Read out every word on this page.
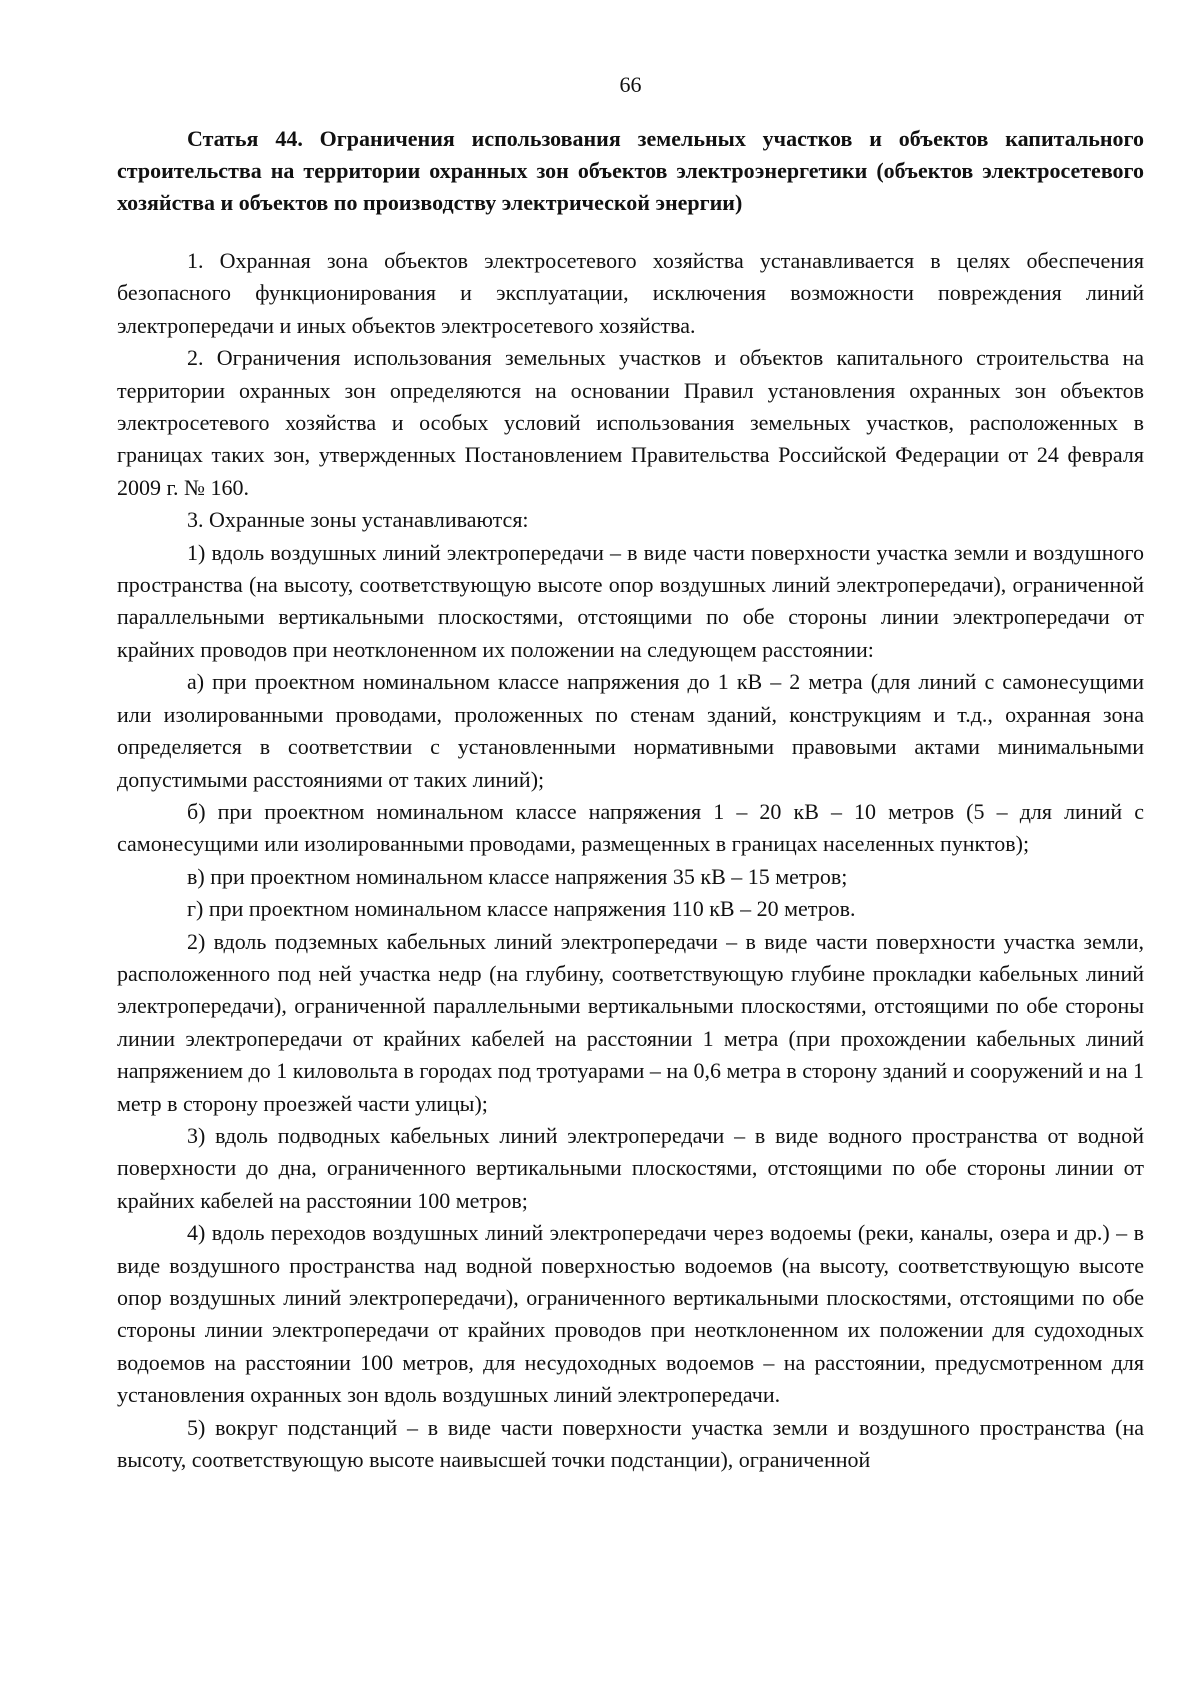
66
Статья 44. Ограничения использования земельных участков и объектов капитального строительства на территории охранных зон объектов электроэнергетики (объектов электросетевого хозяйства и объектов по производству электрической энергии)

1. Охранная зона объектов электросетевого хозяйства устанавливается в целях обеспечения безопасного функционирования и эксплуатации, исключения возможности повреждения линий электропередачи и иных объектов электросетевого хозяйства.

2. Ограничения использования земельных участков и объектов капитального строительства на территории охранных зон определяются на основании Правил установления охранных зон объектов электросетевого хозяйства и особых условий использования земельных участков, расположенных в границах таких зон, утвержденных Постановлением Правительства Российской Федерации от 24 февраля 2009 г. № 160.

3. Охранные зоны устанавливаются:

1) вдоль воздушных линий электропередачи – в виде части поверхности участка земли и воздушного пространства (на высоту, соответствующую высоте опор воздушных линий электропередачи), ограниченной параллельными вертикальными плоскостями, отстоящими по обе стороны линии электропередачи от крайних проводов при неотклоненном их положении на следующем расстоянии:

а) при проектном номинальном классе напряжения до 1 кВ – 2 метра (для линий с самонесущими или изолированными проводами, проложенных по стенам зданий, конструкциям и т.д., охранная зона определяется в соответствии с установленными нормативными правовыми актами минимальными допустимыми расстояниями от таких линий);

б) при проектном номинальном классе напряжения 1 – 20 кВ – 10 метров (5 – для линий с самонесущими или изолированными проводами, размещенных в границах населенных пунктов);

в) при проектном номинальном классе напряжения 35 кВ – 15 метров;

г) при проектном номинальном классе напряжения 110 кВ – 20 метров.

2) вдоль подземных кабельных линий электропередачи – в виде части поверхности участка земли, расположенного под ней участка недр (на глубину, соответствующую глубине прокладки кабельных линий электропередачи), ограниченной параллельными вертикальными плоскостями, отстоящими по обе стороны линии электропередачи от крайних кабелей на расстоянии 1 метра (при прохождении кабельных линий напряжением до 1 киловольта в городах под тротуарами – на 0,6 метра в сторону зданий и сооружений и на 1 метр в сторону проезжей части улицы);

3) вдоль подводных кабельных линий электропередачи – в виде водного пространства от водной поверхности до дна, ограниченного вертикальными плоскостями, отстоящими по обе стороны линии от крайних кабелей на расстоянии 100 метров;

4) вдоль переходов воздушных линий электропередачи через водоемы (реки, каналы, озера и др.) – в виде воздушного пространства над водной поверхностью водоемов (на высоту, соответствующую высоте опор воздушных линий электропередачи), ограниченного вертикальными плоскостями, отстоящими по обе стороны линии электропередачи от крайних проводов при неотклоненном их положении для судоходных водоемов на расстоянии 100 метров, для несудоходных водоемов – на расстоянии, предусмотренном для установления охранных зон вдоль воздушных линий электропередачи.

5) вокруг подстанций – в виде части поверхности участка земли и воздушного пространства (на высоту, соответствующую высоте наивысшей точки подстанции), ограниченной
